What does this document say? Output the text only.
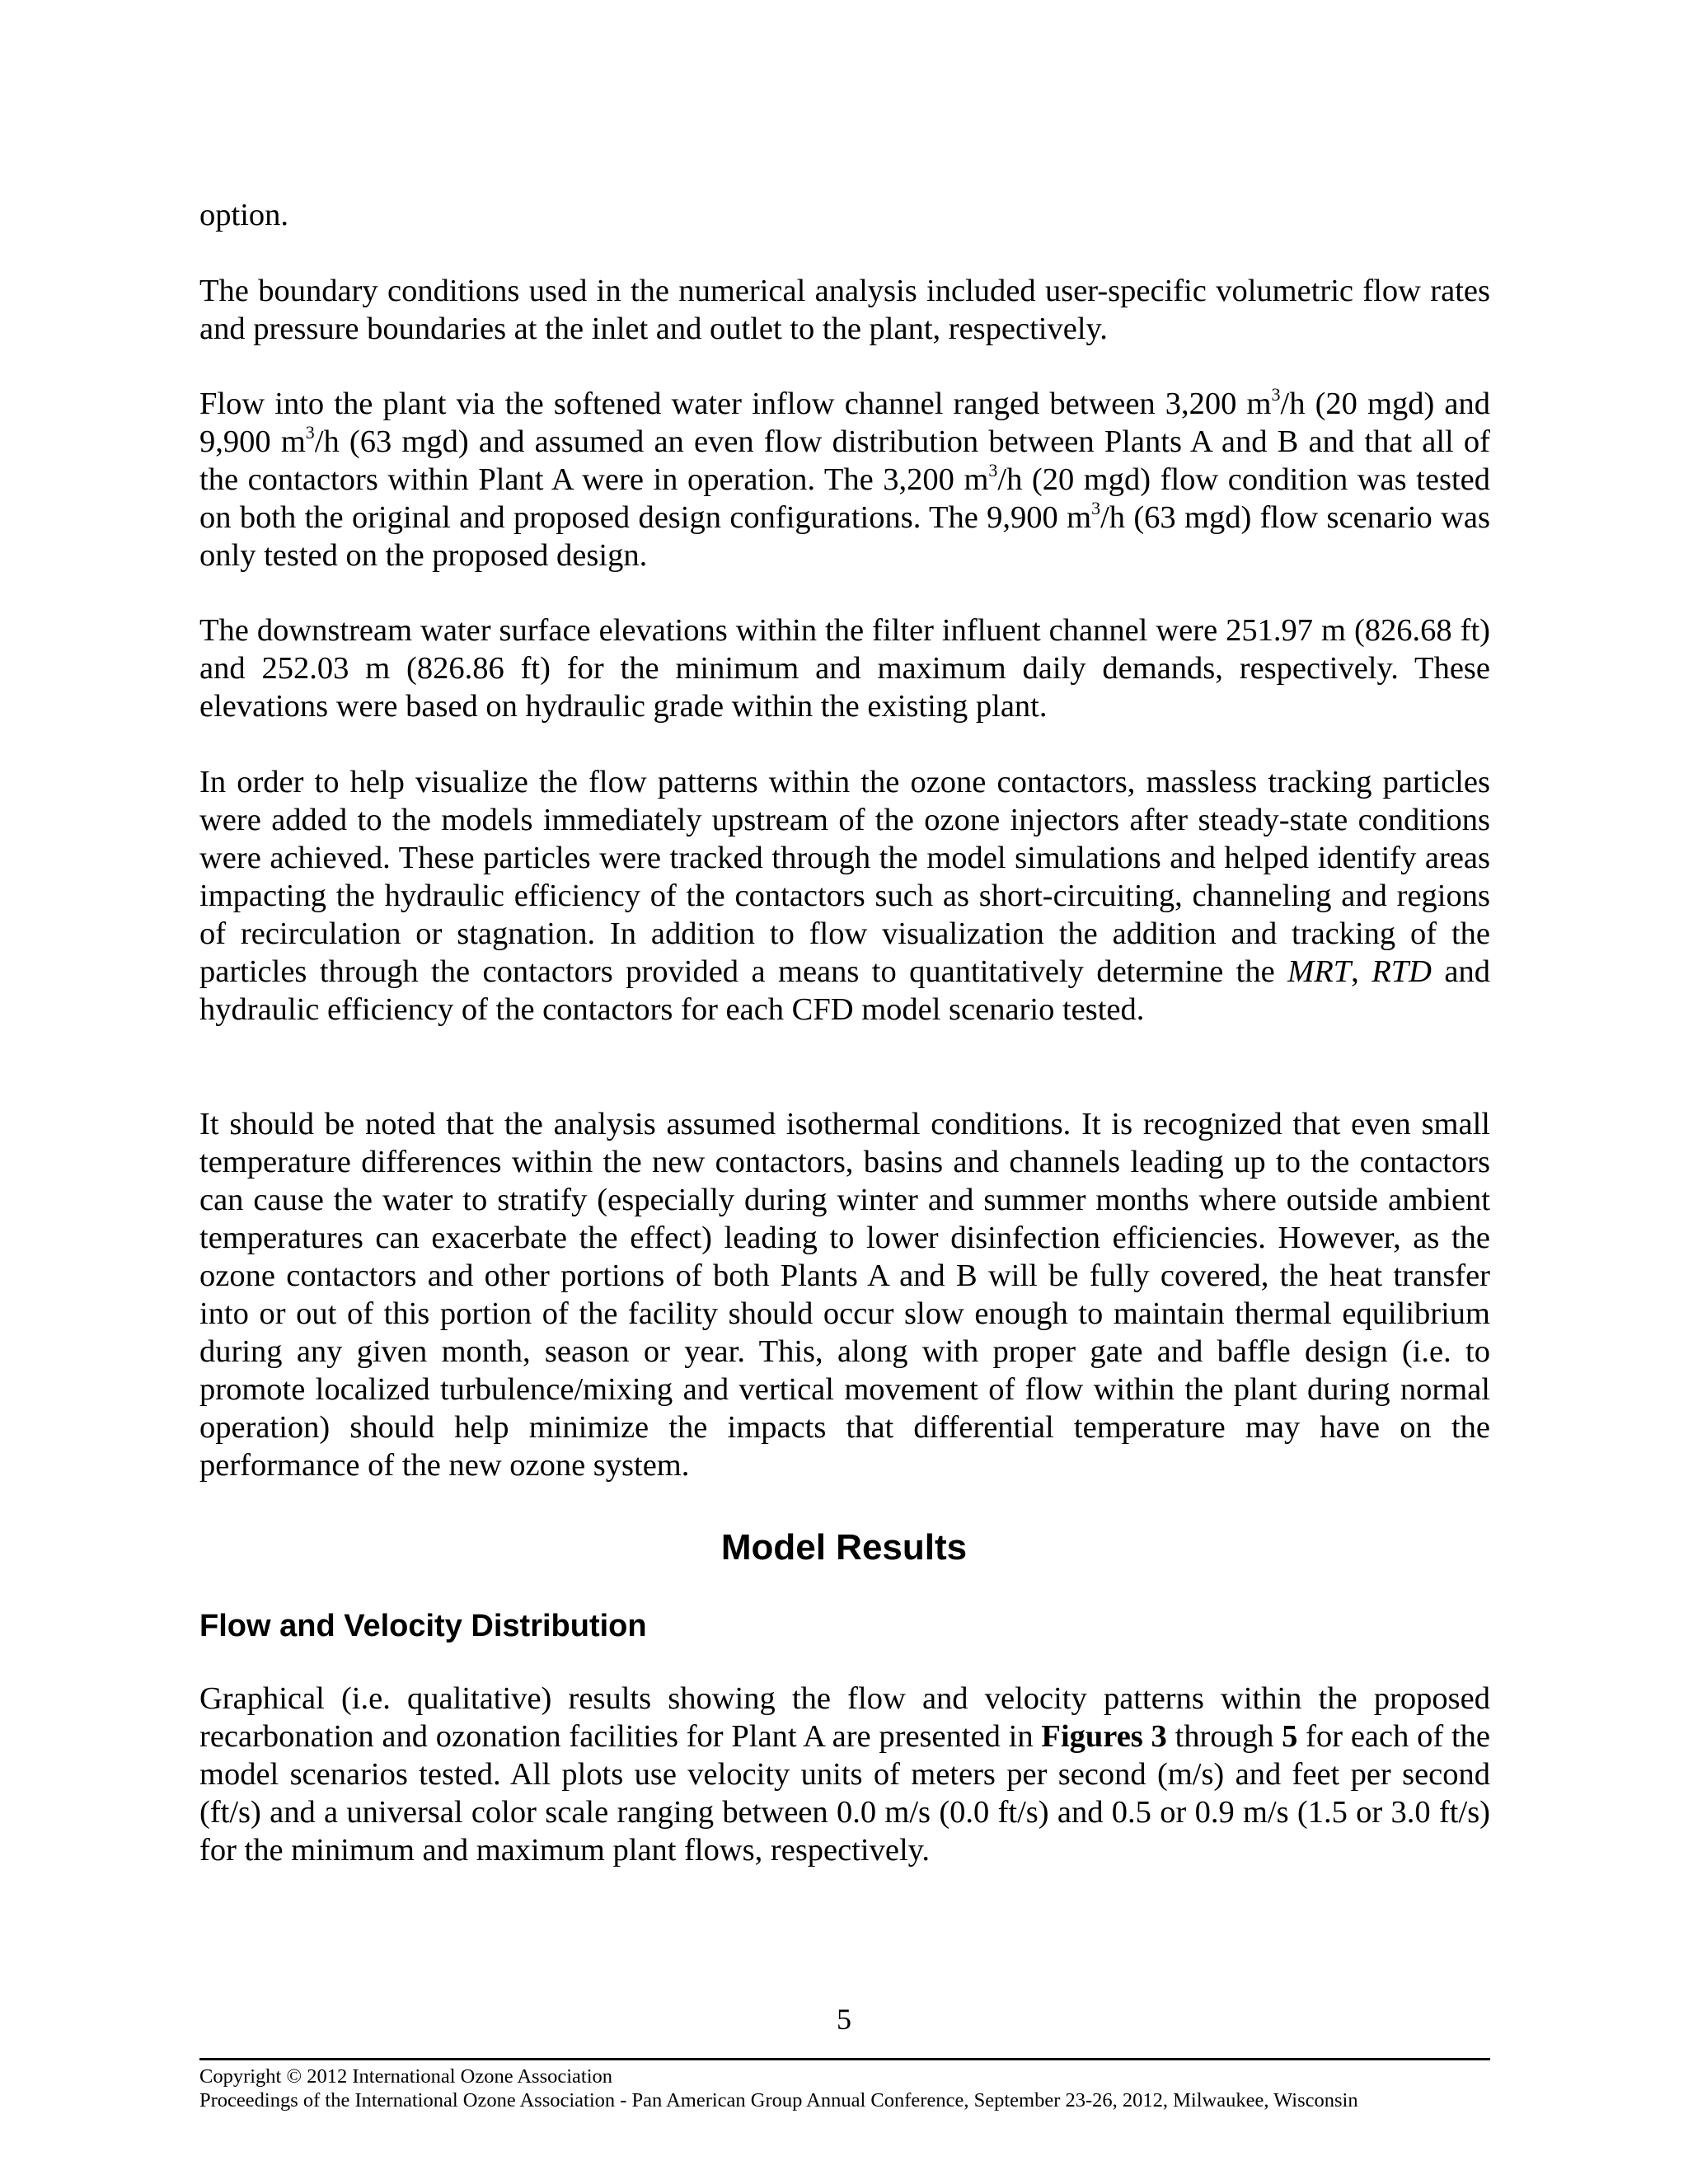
option.

The boundary conditions used in the numerical analysis included user-specific volumetric flow rates and pressure boundaries at the inlet and outlet to the plant, respectively.

Flow into the plant via the softened water inflow channel ranged between 3,200 $m^3/h$ (20 mgd) and 9,900 $m^3/h$ (63 mgd) and assumed an even flow distribution between Plants A and B and that all of the contactors within Plant A were in operation. The 3,200 $m^3/h$ (20 mgd) flow condition was tested on both the original and proposed design configurations. The 9,900 $m^3/h$ (63 mgd) flow scenario was only tested on the proposed design.

The downstream water surface elevations within the filter influent channel were 251.97 m (826.68 ft) and 252.03 m (826.86 ft) for the minimum and maximum daily demands, respectively. These elevations were based on hydraulic grade within the existing plant.

In order to help visualize the flow patterns within the ozone contactors, massless tracking particles were added to the models immediately upstream of the ozone injectors after steady-state conditions were achieved. These particles were tracked through the model simulations and helped identify areas impacting the hydraulic efficiency of the contactors such as short-circuiting, channeling and regions of recirculation or stagnation. In addition to flow visualization the addition and tracking of the particles through the contactors provided a means to quantitatively determine the MRT, RTD and hydraulic efficiency of the contactors for each CFD model scenario tested.

It should be noted that the analysis assumed isothermal conditions. It is recognized that even small temperature differences within the new contactors, basins and channels leading up to the contactors can cause the water to stratify (especially during winter and summer months where outside ambient temperatures can exacerbate the effect) leading to lower disinfection efficiencies. However, as the ozone contactors and other portions of both Plants A and B will be fully covered, the heat transfer into or out of this portion of the facility should occur slow enough to maintain thermal equilibrium during any given month, season or year. This, along with proper gate and baffle design (i.e. to promote localized turbulence/mixing and vertical movement of flow within the plant during normal operation) should help minimize the impacts that differential temperature may have on the performance of the new ozone system.

Model Results
Flow and Velocity Distribution

Graphical (i.e. qualitative) results showing the flow and velocity patterns within the proposed recarbonation and ozonation facilities for Plant A are presented in Figures 3 through 5 for each of the model scenarios tested. All plots use velocity units of meters per second (m/s) and feet per second (ft/s) and a universal color scale ranging between 0.0 m/s (0.0 ft/s) and 0.5 or 0.9 m/s (1.5 or 3.0 ft/s) for the minimum and maximum plant flows, respectively.

5
Copyright © 2012 International Ozone Association
Proceedings of the International Ozone Association - Pan American Group Annual Conference, September 23-26, 2012, Milwaukee, Wisconsin
